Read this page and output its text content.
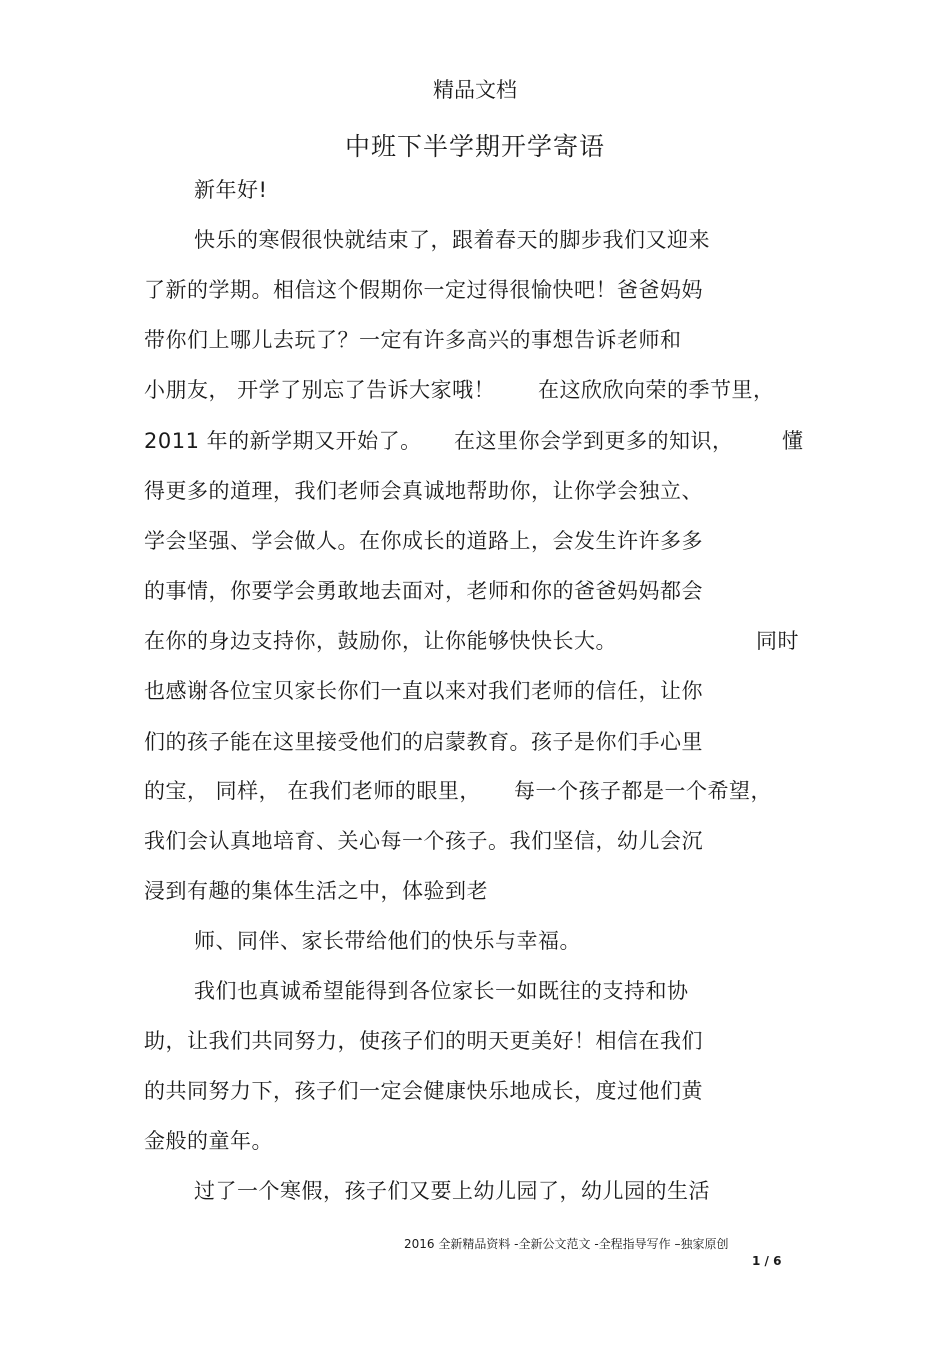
精品文档
中班下半学期开学寄语
新年好!
快乐的寒假很快就结束了，跟着春天的脚步我们又迎来
了新的学期。相信这个假期你一定过得很愉快吧！爸爸妈妈
带你们上哪儿去玩了？一定有许多高兴的事想告诉老师和
小朋友， 开学了别忘了告诉大家哦！ 在这欣欣向荣的季节里，
2011 年的新学期又开始了。 在这里你会学到更多的知识， 懂
得更多的道理，我们老师会真诚地帮助你，让你学会独立、
学会坚强、学会做人。在你成长的道路上，会发生许许多多
的事情，你要学会勇敢地去面对，老师和你的爸爸妈妈都会
在你的身边支持你，鼓励你，让你能够快快长大。	同时
也感谢各位宝贝家长你们一直以来对我们老师的信任，让你
们的孩子能在这里接受他们的启蒙教育。孩子是你们手心里
的宝， 同样， 在我们老师的眼里， 每一个孩子都是一个希望，
我们会认真地培育、关心每一个孩子。我们坚信，幼儿会沉
浸到有趣的集体生活之中，体验到老
师、同伴、家长带给他们的快乐与幸福。
我们也真诚希望能得到各位家长一如既往的支持和协
助，让我们共同努力，使孩子们的明天更美好！相信在我们
的共同努力下，孩子们一定会健康快乐地成长，度过他们黄
金般的童年。
过了一个寒假，孩子们又要上幼儿园了，幼儿园的生活
2016 全新精品资料 -全新公文范文 -全程指导写作 –独家原创
1 / 6
